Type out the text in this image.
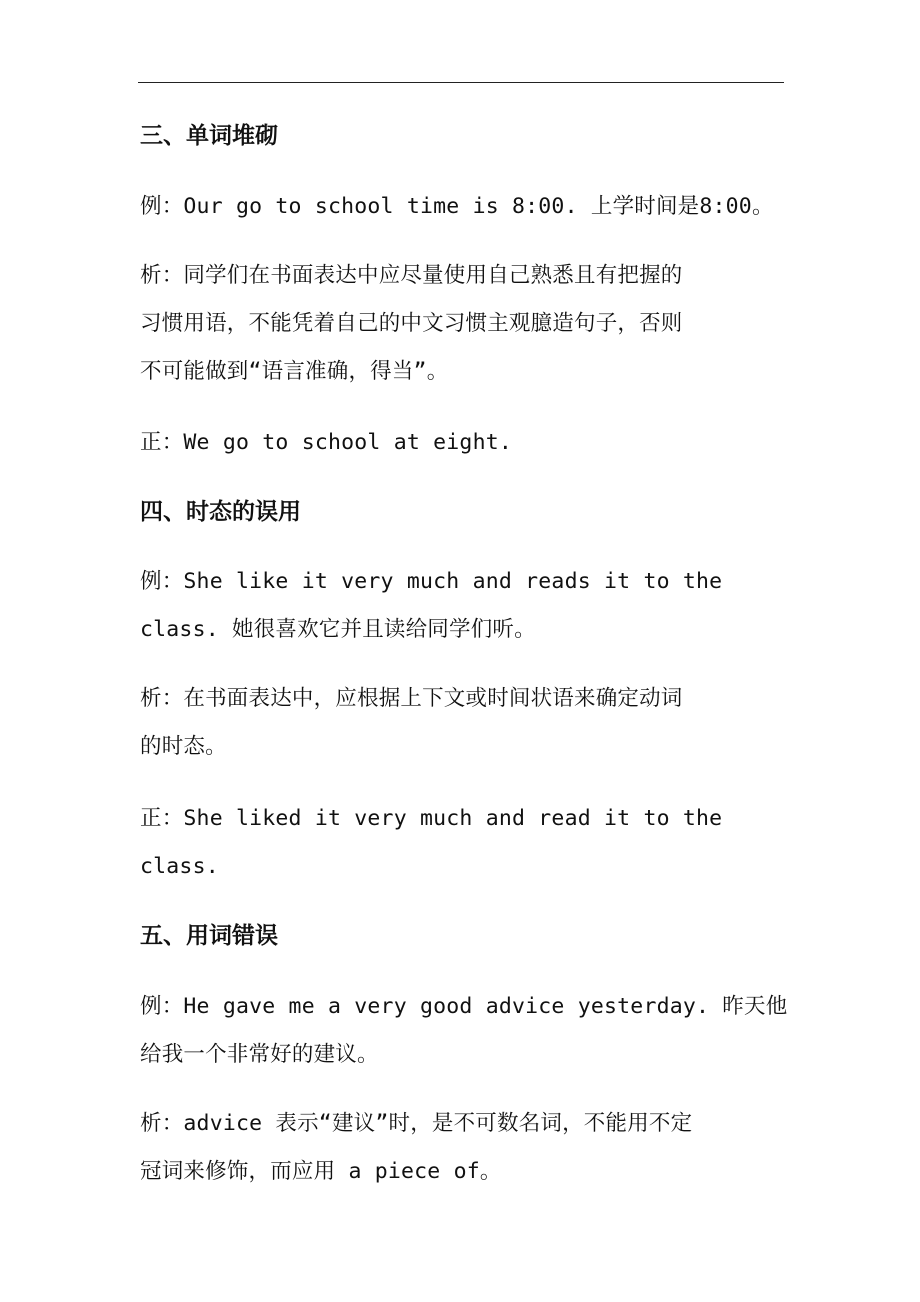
三、单词堆砌

例：Our go to school time is 8:00. 上学时间是8:00。

析：同学们在书面表达中应尽量使用自己熟悉且有把握的
习惯用语，不能凭着自己的中文习惯主观臆造句子，否则
不可能做到“语言准确，得当”。

正：We go to school at eight.

四、时态的误用

例：She like it very much and reads it to the
class. 她很喜欢它并且读给同学们听。

析：在书面表达中，应根据上下文或时间状语来确定动词
的时态。

正：She liked it very much and read it to the
class.

五、用词错误

例：He gave me a very good advice yesterday. 昨天他
给我一个非常好的建议。

析：advice 表示“建议”时，是不可数名词，不能用不定
冠词来修饰，而应用 a piece of。
